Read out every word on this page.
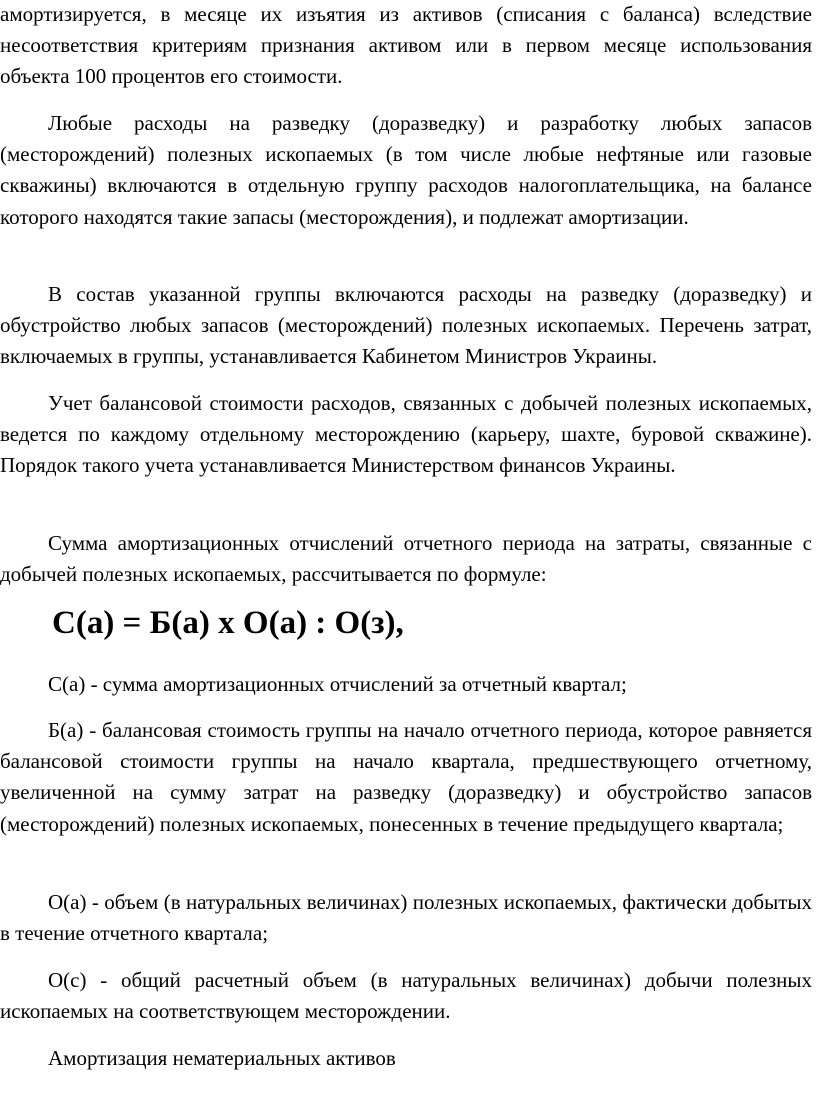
амортизируется, в месяце их изъятия из активов (списания с баланса) вследствие несоответствия критериям признания активом или в первом месяце использования объекта 100 процентов его стоимости.

Любые расходы на разведку (доразведку) и разработку любых запасов (месторождений) полезных ископаемых (в том числе любые нефтяные или газовые скважины) включаются в отдельную группу расходов налогоплательщика, на балансе которого находятся такие запасы (месторождения), и подлежат амортизации.

В состав указанной группы включаются расходы на разведку (доразведку) и обустройство любых запасов (месторождений) полезных ископаемых. Перечень затрат, включаемых в группы, устанавливается Кабинетом Министров Украины.

Учет балансовой стоимости расходов, связанных с добычей полезных ископаемых, ведется по каждому отдельному месторождению (карьеру, шахте, буровой скважине). Порядок такого учета устанавливается Министерством финансов Украины.

Сумма амортизационных отчислений отчетного периода на затраты, связанные с добычей полезных ископаемых, рассчитывается по формуле:

С(а) = Б(а) х О(а) : О(з),

С(а) - сумма амортизационных отчислений за отчетный квартал;

Б(а) - балансовая стоимость группы на начало отчетного периода, которое равняется балансовой стоимости группы на начало квартала, предшествующего отчетному, увеличенной на сумму затрат на разведку (доразведку) и обустройство запасов (месторождений) полезных ископаемых, понесенных в течение предыдущего квартала;

О(а) - объем (в натуральных величинах) полезных ископаемых, фактически добытых в течение отчетного квартала;

О(с) - общий расчетный объем (в натуральных величинах) добычи полезных ископаемых на соответствующем месторождении.

Амортизация нематериальных активов
